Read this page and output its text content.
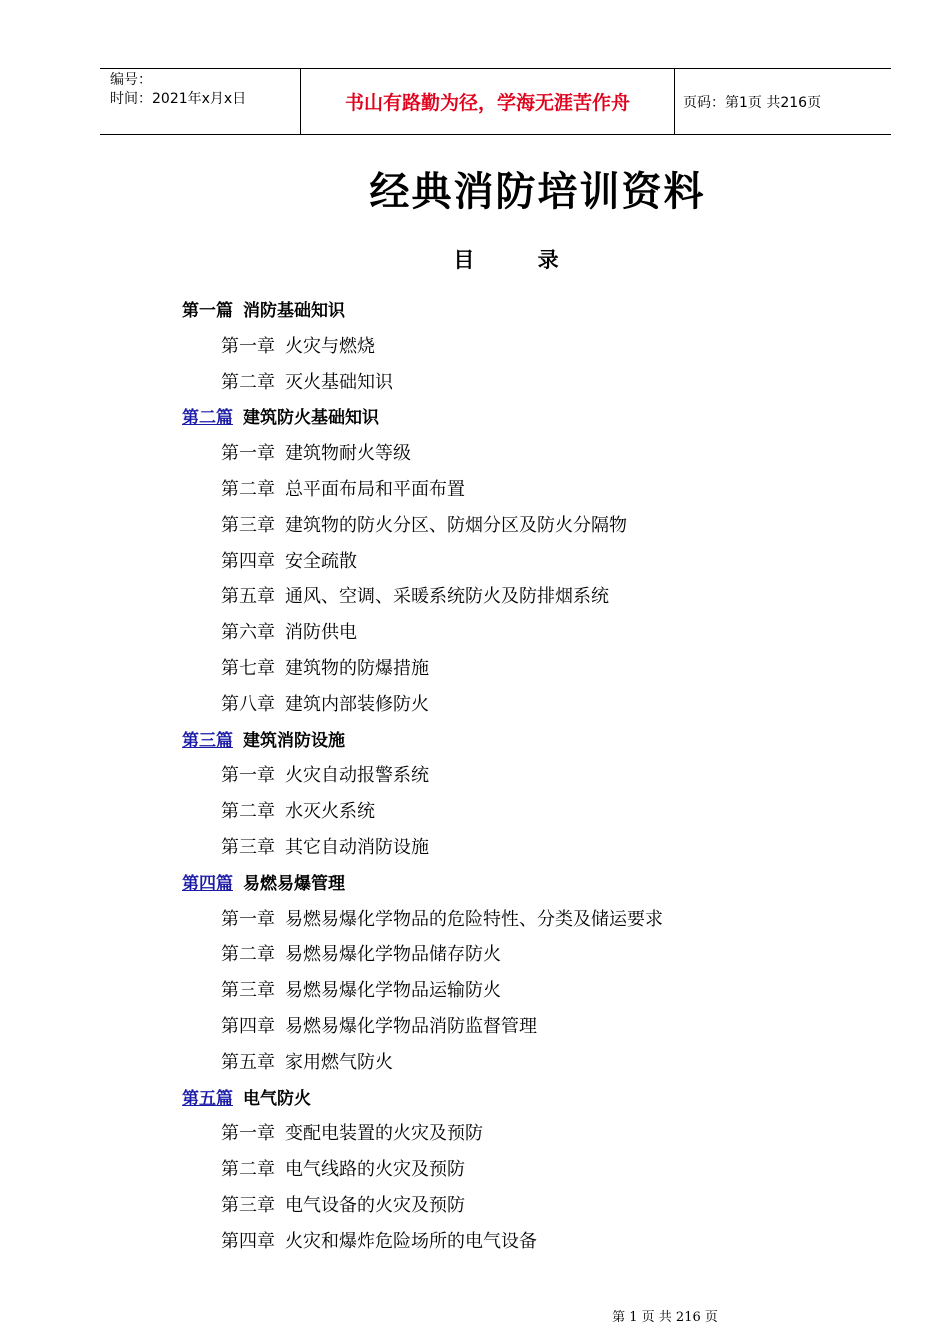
编号：
时间：2021年x月x日	书山有路勤为径，学海无涯苦作舟	页码：第1页 共216页
经典消防培训资料
目 录
第一篇 消防基础知识
第一章 火灾与燃烧
第二章 灭火基础知识
第二篇 建筑防火基础知识
第一章 建筑物耐火等级
第二章 总平面布局和平面布置
第三章 建筑物的防火分区、防烟分区及防火分隔物
第四章 安全疏散
第五章 通风、空调、采暖系统防火及防排烟系统
第六章 消防供电
第七章 建筑物的防爆措施
第八章 建筑内部装修防火
第三篇 建筑消防设施
第一章 火灾自动报警系统
第二章 水灭火系统
第三章 其它自动消防设施
第四篇 易燃易爆管理
第一章 易燃易爆化学物品的危险特性、分类及储运要求
第二章 易燃易爆化学物品储存防火
第三章 易燃易爆化学物品运输防火
第四章 易燃易爆化学物品消防监督管理
第五章 家用燃气防火
第五篇 电气防火
第一章 变配电装置的火灾及预防
第二章 电气线路的火灾及预防
第三章 电气设备的火灾及预防
第四章 火灾和爆炸危险场所的电气设备
第 1 页 共 216 页
